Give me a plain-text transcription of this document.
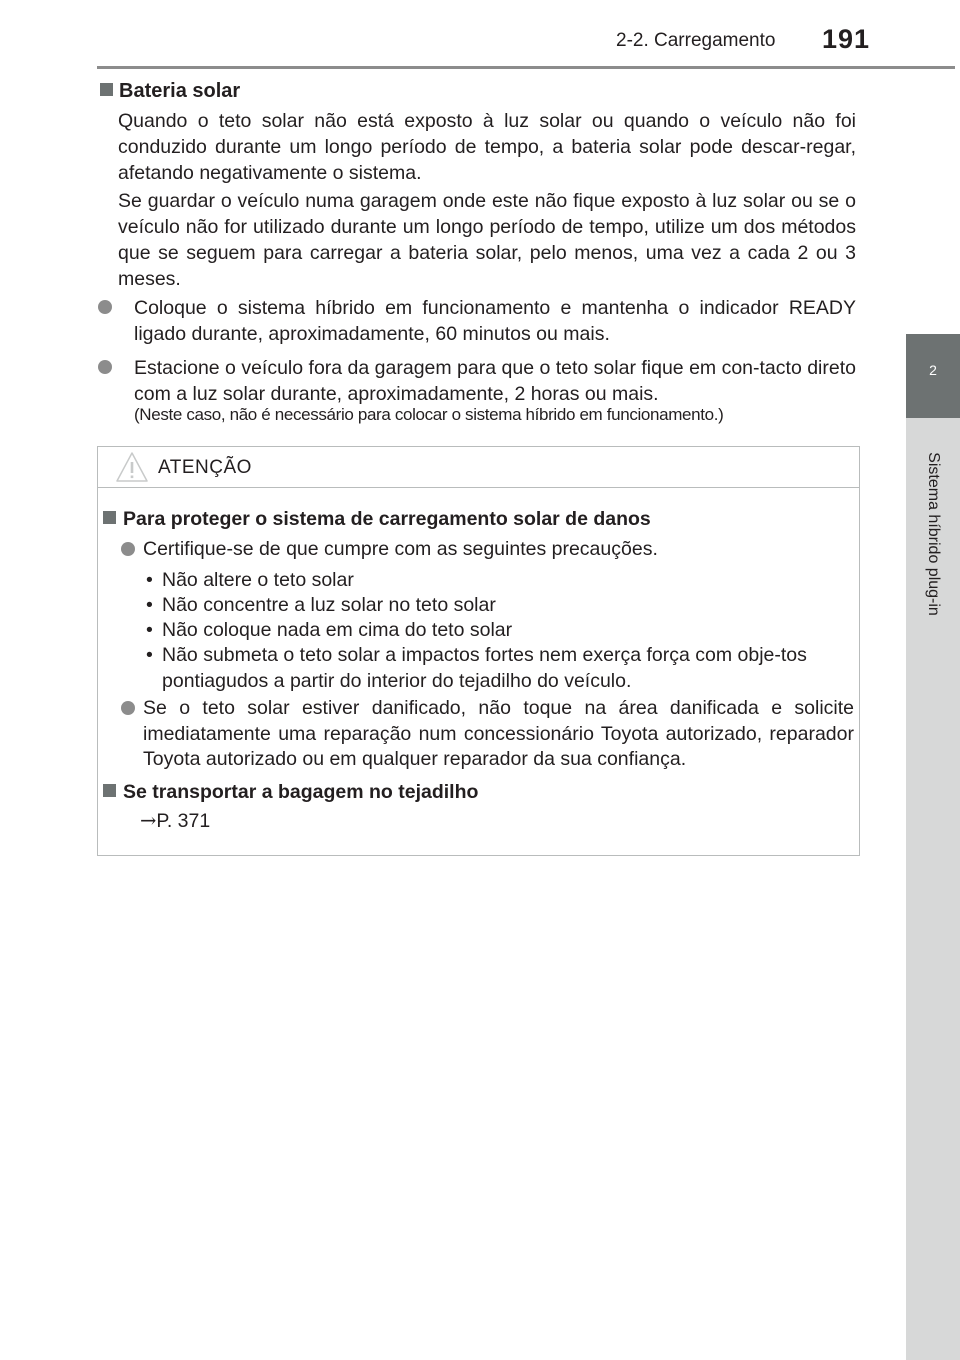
2-2. Carregamento 191
2
Sistema híbrido plug-in
Bateria solar
Quando o teto solar não está exposto à luz solar ou quando o veículo não foi conduzido durante um longo período de tempo, a bateria solar pode descar-regar, afetando negativamente o sistema.
Se guardar o veículo numa garagem onde este não fique exposto à luz solar ou se o veículo não for utilizado durante um longo período de tempo, utilize um dos métodos que se seguem para carregar a bateria solar, pelo menos, uma vez a cada 2 ou 3 meses.
Coloque o sistema híbrido em funcionamento e mantenha o indicador READY ligado durante, aproximadamente, 60 minutos ou mais.
Estacione o veículo fora da garagem para que o teto solar fique em con-tacto direto com a luz solar durante, aproximadamente, 2 horas ou mais.
(Neste caso, não é necessário para colocar o sistema híbrido em funcionamento.)
ATENÇÃO
Para proteger o sistema de carregamento solar de danos
Certifique-se de que cumpre com as seguintes precauções.
• Não altere o teto solar
• Não concentre a luz solar no teto solar
• Não coloque nada em cima do teto solar
• Não submeta o teto solar a impactos fortes nem exerça força com obje-tos pontiagudos a partir do interior do tejadilho do veículo.
Se o teto solar estiver danificado, não toque na área danificada e solicite imediatamente uma reparação num concessionário Toyota autorizado, reparador Toyota autorizado ou em qualquer reparador da sua confiança.
Se transportar a bagagem no tejadilho
→P. 371
